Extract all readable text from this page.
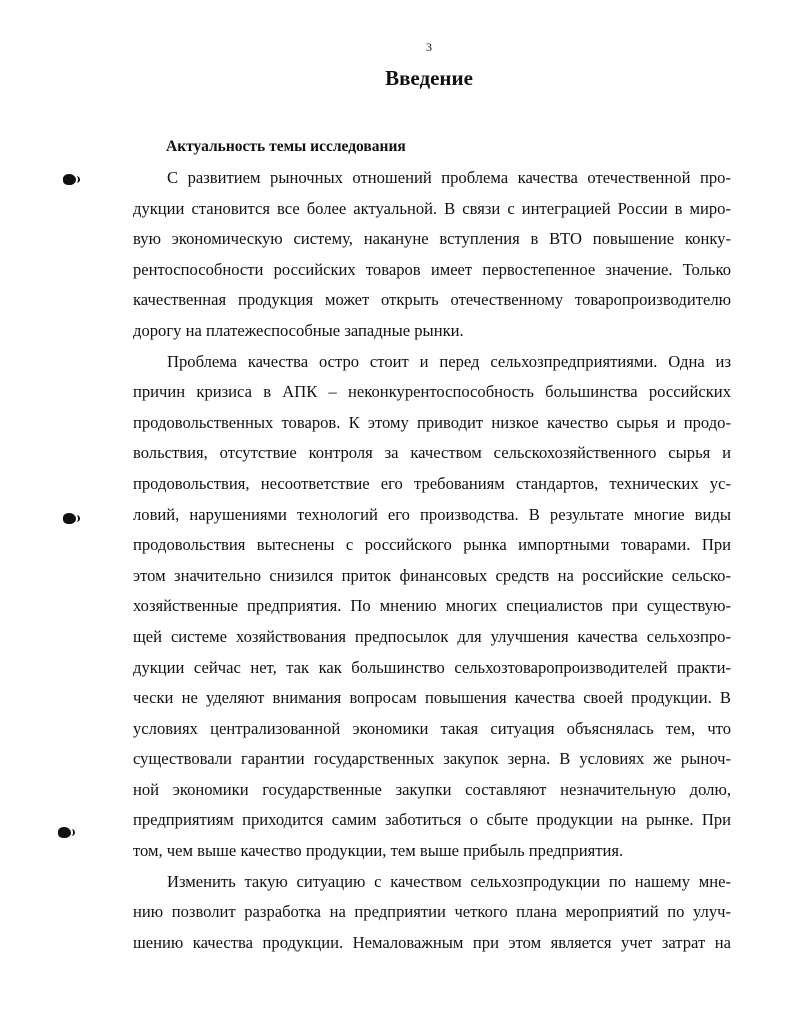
3
Введение
Актуальность темы исследования
С развитием рыночных отношений проблема качества отечественной про-
дукции становится все более актуальной. В связи с интеграцией России в миро-
вую экономическую систему, накануне вступления в ВТО повышение конку-
рентоспособности российских товаров имеет первостепенное значение. Только
качественная продукция может открыть отечественному товаропроизводителю
дорогу на платежеспособные западные рынки.
Проблема качества остро стоит и перед сельхозпредприятиями. Одна из
причин кризиса в АПК – неконкурентоспособность большинства российских
продовольственных товаров. К этому приводит низкое качество сырья и продо-
вольствия, отсутствие контроля за качеством сельскохозяйственного сырья и
продовольствия, несоответствие его требованиям стандартов, технических ус-
ловий, нарушениями технологий его производства. В результате многие виды
продовольствия вытеснены с российского рынка импортными товарами. При
этом значительно снизился приток финансовых средств на российские сельско-
хозяйственные предприятия. По мнению многих специалистов при существую-
щей системе хозяйствования предпосылок для улучшения качества сельхозпро-
дукции сейчас нет, так как большинство сельхозтоваропроизводителей практи-
чески не уделяют внимания вопросам повышения качества своей продукции. В
условиях централизованной экономики такая ситуация объяснялась тем, что
существовали гарантии государственных закупок зерна. В условиях же рыноч-
ной экономики государственные закупки составляют незначительную долю,
предприятиям приходится самим заботиться о сбыте продукции на рынке. При
том, чем выше качество продукции, тем выше прибыль предприятия.
Изменить такую ситуацию с качеством сельхозпродукции по нашему мне-
нию позволит разработка на предприятии четкого плана мероприятий по улуч-
шению качества продукции. Немаловажным при этом является учет затрат на
